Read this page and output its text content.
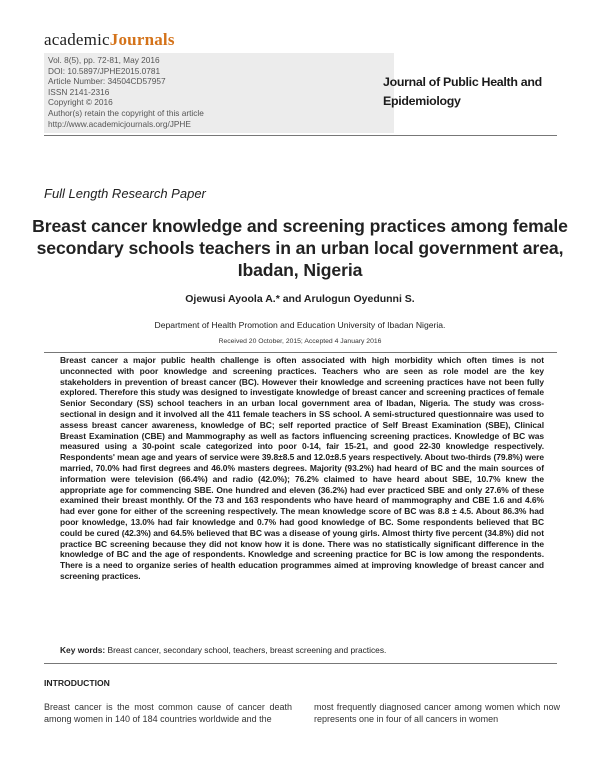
academicJournals
Vol. 8(5), pp. 72-81, May 2016
DOI: 10.5897/JPHE2015.0781
Article Number: 34504CD57957
ISSN 2141-2316
Copyright © 2016
Author(s) retain the copyright of this article
http://www.academicjournals.org/JPHE
Journal of Public Health and Epidemiology
Full Length Research Paper
Breast cancer knowledge and screening practices among female secondary schools teachers in an urban local government area, Ibadan, Nigeria
Ojewusi Ayoola A.* and Arulogun Oyedunni S.
Department of Health Promotion and Education University of Ibadan Nigeria.
Received 20 October, 2015; Accepted 4 January 2016
Breast cancer a major public health challenge is often associated with high morbidity which often times is not unconnected with poor knowledge and screening practices. Teachers who are seen as role model are the key stakeholders in prevention of breast cancer (BC). However their knowledge and screening practices have not been fully explored. Therefore this study was designed to investigate knowledge of breast cancer and screening practices of female Senior Secondary (SS) school teachers in an urban local government area of Ibadan, Nigeria. The study was cross-sectional in design and it involved all the 411 female teachers in SS school. A semi-structured questionnaire was used to assess breast cancer awareness, knowledge of BC; self reported practice of Self Breast Examination (SBE), Clinical Breast Examination (CBE) and Mammography as well as factors influencing screening practices. Knowledge of BC was measured using a 30-point scale categorized into poor 0-14, fair 15-21, and good 22-30 knowledge respectively. Respondents' mean age and years of service were 39.8±8.5 and 12.0±8.5 years respectively. About two-thirds (79.8%) were married, 70.0% had first degrees and 46.0% masters degrees. Majority (93.2%) had heard of BC and the main sources of information were television (66.4%) and radio (42.0%); 76.2% claimed to have heard about SBE, 10.7% knew the appropriate age for commencing SBE. One hundred and eleven (36.2%) had ever practiced SBE and only 27.6% of these examined their breast monthly. Of the 73 and 163 respondents who have heard of mammography and CBE 1.6 and 4.6% had ever gone for either of the screening respectively. The mean knowledge score of BC was 8.8 ± 4.5. About 86.3% had poor knowledge, 13.0% had fair knowledge and 0.7% had good knowledge of BC. Some respondents believed that BC could be cured (42.3%) and 64.5% believed that BC was a disease of young girls. Almost thirty five percent (34.8%) did not practice BC screening because they did not know how it is done. There was no statistically significant difference in the knowledge of BC and the age of respondents. Knowledge and screening practice for BC is low among the respondents. There is a need to organize series of health education programmes aimed at improving knowledge of breast cancer and screening practices.
Key words: Breast cancer, secondary school, teachers, breast screening and practices.
INTRODUCTION
Breast cancer is the most common cause of cancer death among women in 140 of 184 countries worldwide and the
most frequently diagnosed cancer among women which now represents one in four of all cancers in women
